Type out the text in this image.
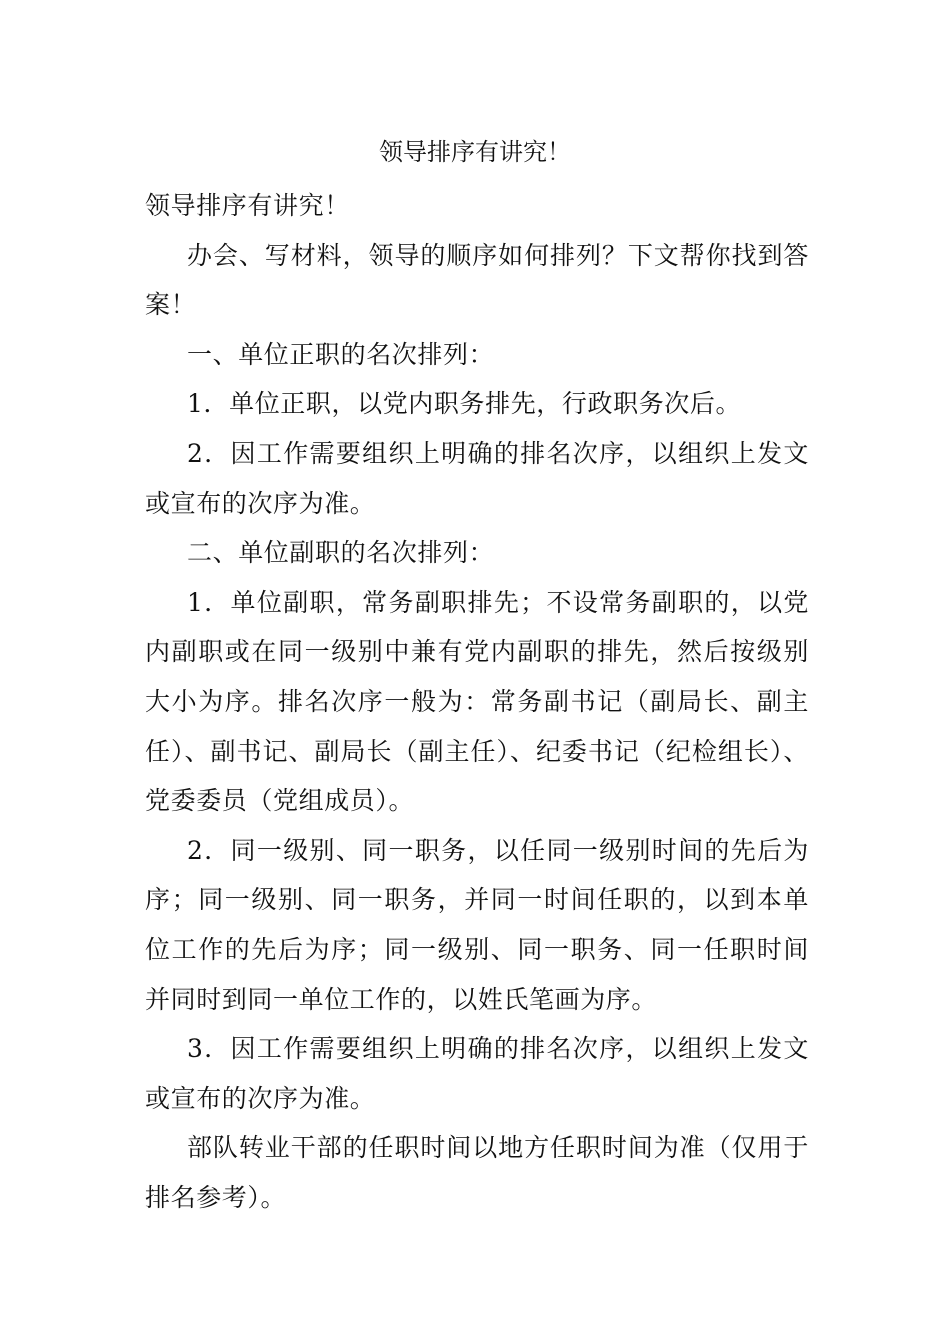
领导排序有讲究！

领导排序有讲究！

办会、写材料，领导的顺序如何排列？下文帮你找到答案！

一、单位正职的名次排列：

1．单位正职，以党内职务排先，行政职务次后。

2．因工作需要组织上明确的排名次序，以组织上发文或宣布的次序为准。

二、单位副职的名次排列：

1．单位副职，常务副职排先；不设常务副职的，以党内副职或在同一级别中兼有党内副职的排先，然后按级别大小为序。排名次序一般为：常务副书记（副局长、副主任）、副书记、副局长（副主任）、纪委书记（纪检组长）、党委委员（党组成员）。

2．同一级别、同一职务，以任同一级别时间的先后为序；同一级别、同一职务，并同一时间任职的，以到本单位工作的先后为序；同一级别、同一职务、同一任职时间并同时到同一单位工作的，以姓氏笔画为序。

3．因工作需要组织上明确的排名次序，以组织上发文或宣布的次序为准。

部队转业干部的任职时间以地方任职时间为准（仅用于排名参考）。
